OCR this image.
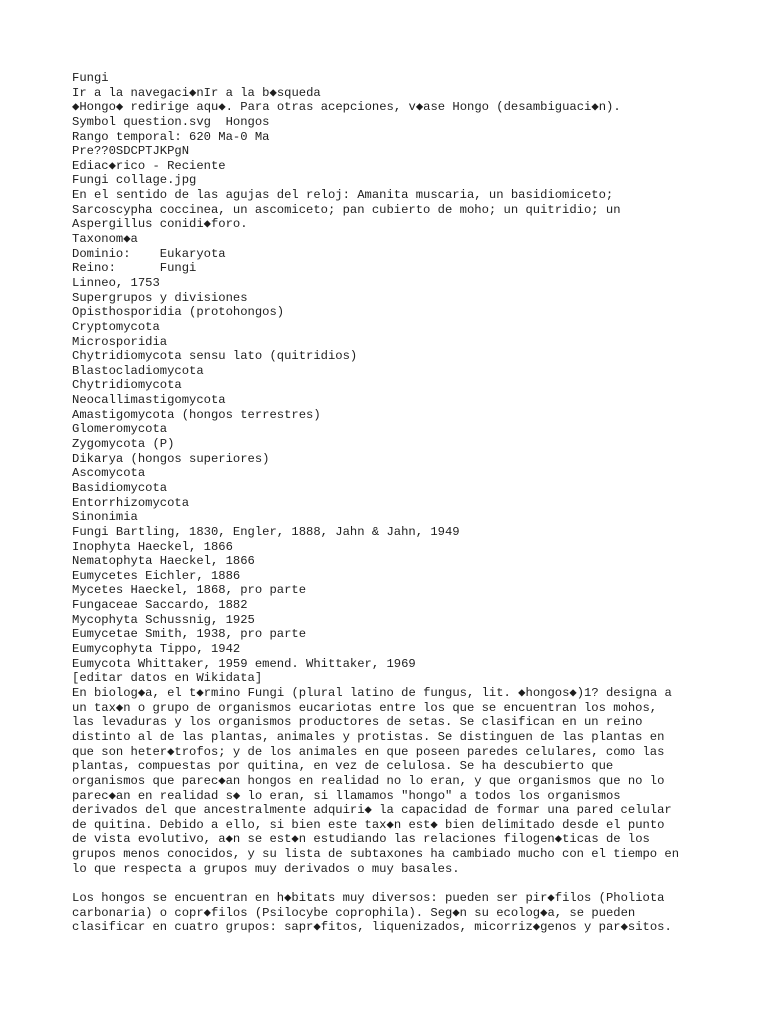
Fungi
Ir a la navegaci◆nIr a la b◆squeda
◆Hongo◆ redirige aqu◆. Para otras acepciones, v◆ase Hongo (desambiguaci◆n).
Symbol question.svg  Hongos
Rango temporal: 620 Ma-0 Ma
Pre??0SDCPTJKPgN
Ediac◆rico - Reciente
Fungi collage.jpg
En el sentido de las agujas del reloj: Amanita muscaria, un basidiomiceto;
Sarcoscypha coccinea, un ascomiceto; pan cubierto de moho; un quitridio; un
Aspergillus conidi◆foro.
Taxonom◆a
Dominio:    Eukaryota
Reino:      Fungi
Linneo, 1753
Supergrupos y divisiones
Opisthosporidia (protohongos)
Cryptomycota
Microsporidia
Chytridiomycota sensu lato (quitridios)
Blastocladiomycota
Chytridiomycota
Neocallimastigomycota
Amastigomycota (hongos terrestres)
Glomeromycota
Zygomycota (P)
Dikarya (hongos superiores)
Ascomycota
Basidiomycota
Entorrhizomycota
Sinonimia
Fungi Bartling, 1830, Engler, 1888, Jahn & Jahn, 1949
Inophyta Haeckel, 1866
Nematophyta Haeckel, 1866
Eumycetes Eichler, 1886
Mycetes Haeckel, 1868, pro parte
Fungaceae Saccardo, 1882
Mycophyta Schussnig, 1925
Eumycetae Smith, 1938, pro parte
Eumycophyta Tippo, 1942
Eumycota Whittaker, 1959 emend. Whittaker, 1969
[editar datos en Wikidata]
En biolog◆a, el t◆rmino Fungi (plural latino de fungus, lit. ◆hongos◆)1? designa a
un tax◆n o grupo de organismos eucariotas entre los que se encuentran los mohos,
las levaduras y los organismos productores de setas. Se clasifican en un reino
distinto al de las plantas, animales y protistas. Se distinguen de las plantas en
que son heter◆trofos; y de los animales en que poseen paredes celulares, como las
plantas, compuestas por quitina, en vez de celulosa. Se ha descubierto que
organismos que parec◆an hongos en realidad no lo eran, y que organismos que no lo
parec◆an en realidad s◆ lo eran, si llamamos "hongo" a todos los organismos
derivados del que ancestralmente adquiri◆ la capacidad de formar una pared celular
de quitina. Debido a ello, si bien este tax◆n est◆ bien delimitado desde el punto
de vista evolutivo, a◆n se est◆n estudiando las relaciones filogen◆ticas de los
grupos menos conocidos, y su lista de subtaxones ha cambiado mucho con el tiempo en
lo que respecta a grupos muy derivados o muy basales.
Los hongos se encuentran en h◆bitats muy diversos: pueden ser pir◆filos (Pholiota
carbonaria) o copr◆filos (Psilocybe coprophila). Seg◆n su ecolog◆a, se pueden
clasificar en cuatro grupos: sapr◆fitos, liquenizados, micorriz◆genos y par◆sitos.
